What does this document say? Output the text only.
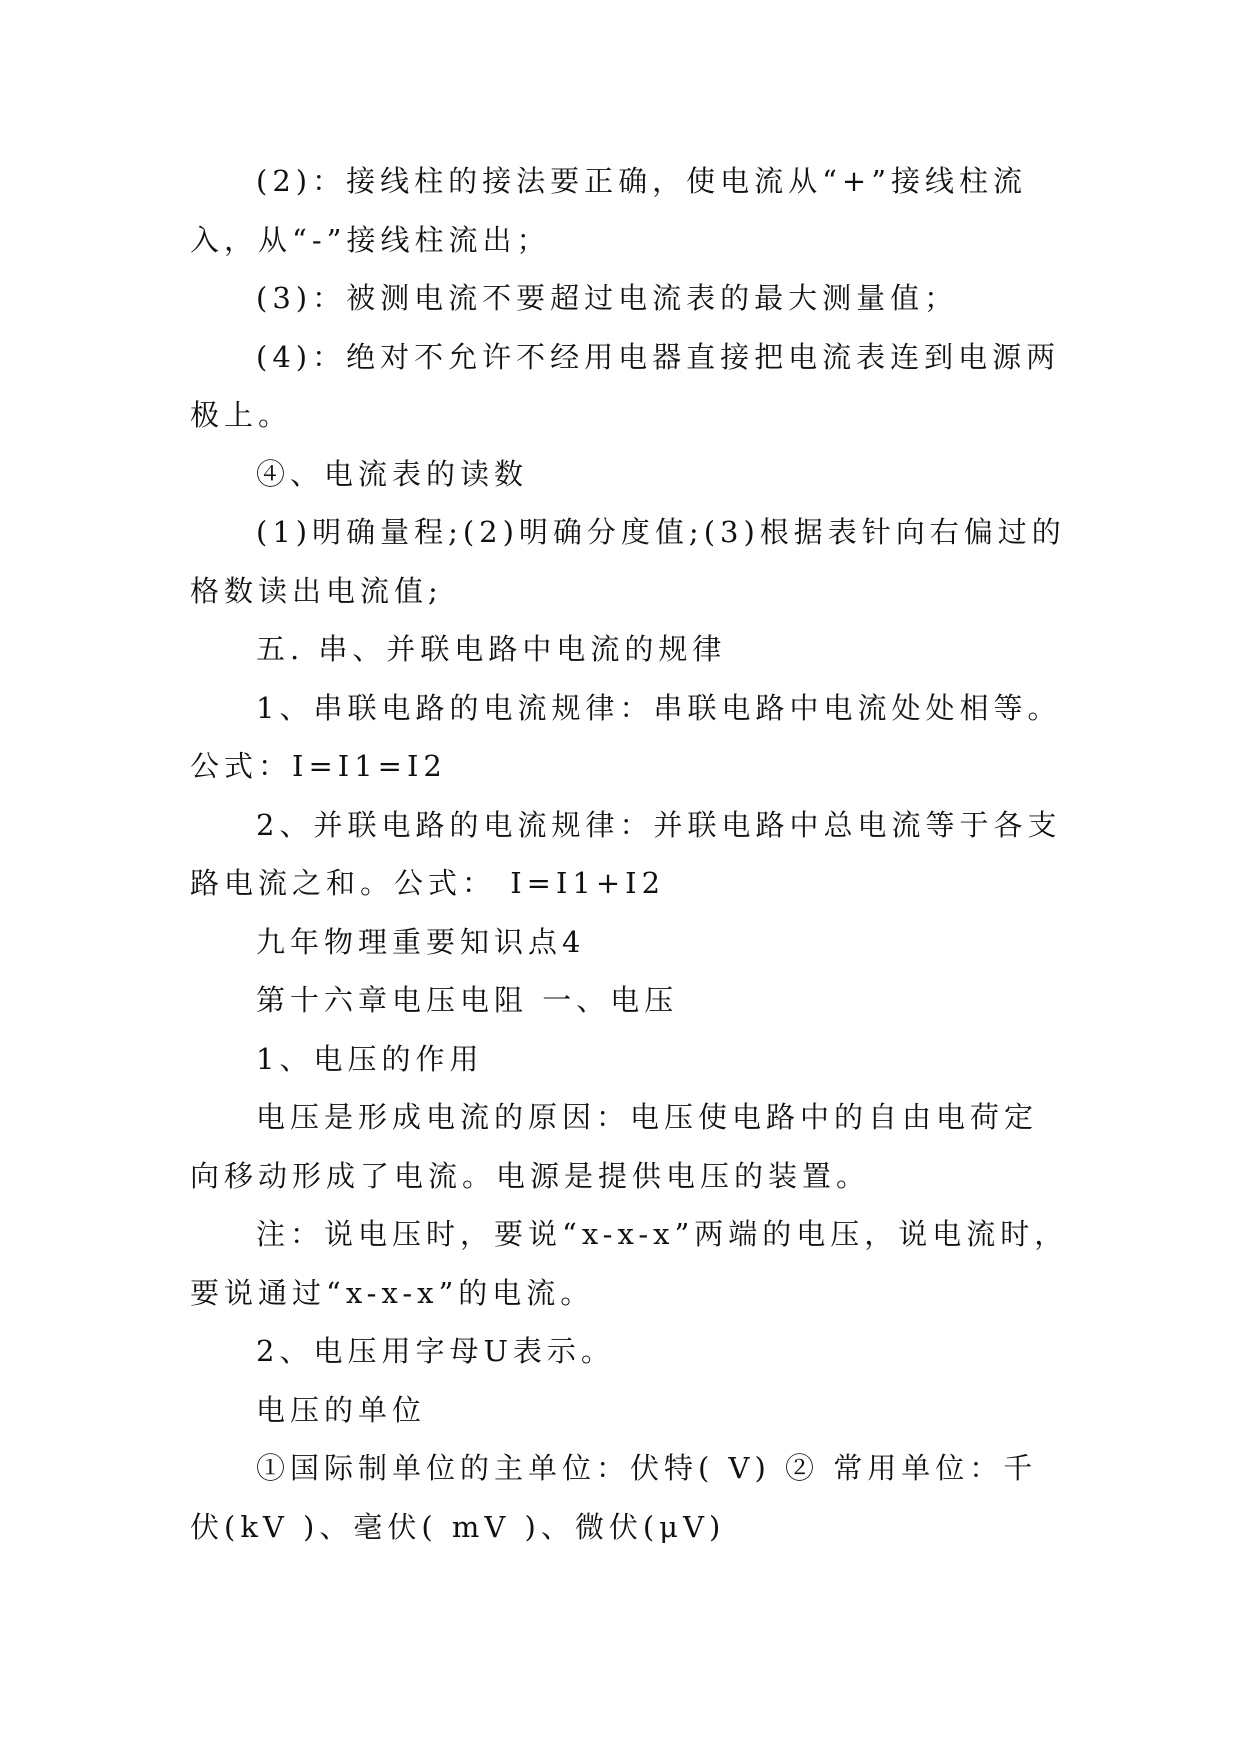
(2)：接线柱的接法要正确，使电流从“+”接线柱流入，从“-”接线柱流出；

(3)：被测电流不要超过电流表的最大测量值；

(4)：绝对不允许不经用电器直接把电流表连到电源两极上。

④、电流表的读数

(1)明确量程;(2)明确分度值;(3)根据表针向右偏过的格数读出电流值;

五. 串、并联电路中电流的规律

1、串联电路的电流规律：串联电路中电流处处相等。公式：I=I1=I2

2、并联电路的电流规律：并联电路中总电流等于各支路电流之和。公式： I=I1+I2

九年物理重要知识点4

第十六章电压电阻 一、电压

1、电压的作用

电压是形成电流的原因：电压使电路中的自由电荷定向移动形成了电流。电源是提供电压的装置。

注：说电压时，要说“x-x-x”两端的电压，说电流时，要说通过“x-x-x”的电流。

2、电压用字母U表示。

电压的单位

①国际制单位的主单位：伏特( V) ② 常用单位：千伏(kV )、毫伏( mV )、微伏(μV)
